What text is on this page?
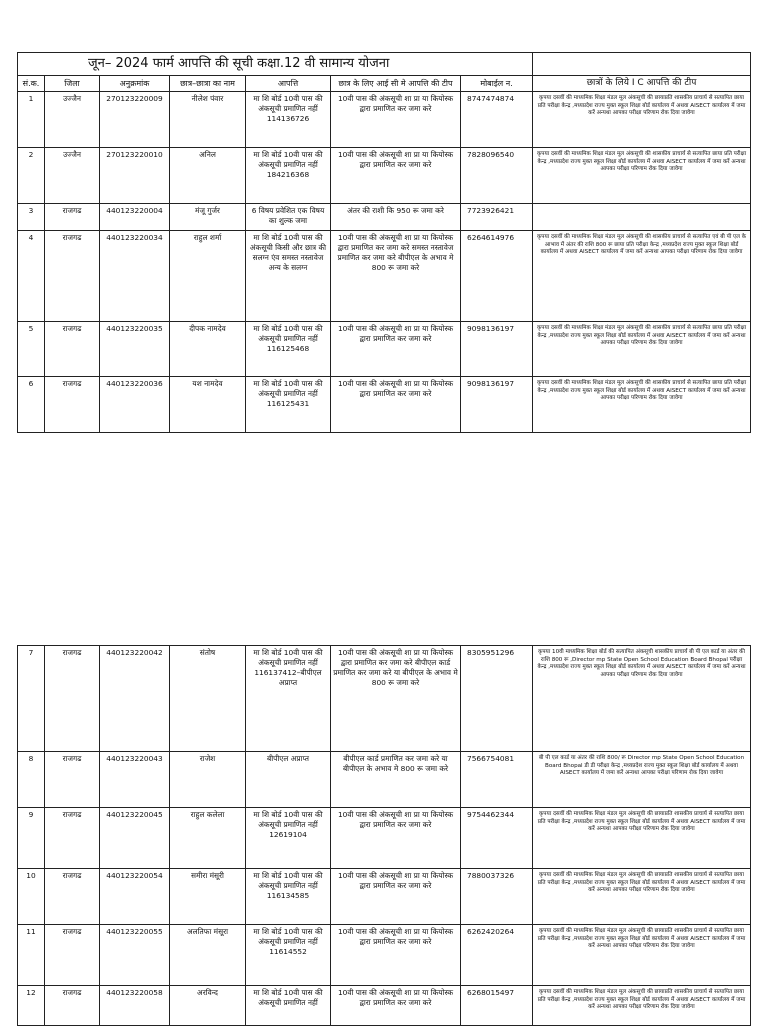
जून– 2024 फार्म आपत्ति की सूची कक्षा.12 वी सामान्य योजना							
सं.क.	जिला	अनुक्रमांक	छात्र–छात्रा का नाम	आपत्ति	छात्र के लिए आई सी मे आपत्ति की टीप	मोबाईल न.	छात्रों के लिये I C आपत्ति की टीप
1	उज्जैन	270123220009	नीलेश पंवार	मा शि बोर्ड 10वी पास की अंकसूची प्रमाणित नहीं 114136726	10वी पास की अंकसूची शा प्रा या कियोस्क द्वारा प्रमाणित कर जमा करे	8747474874	कृपया दसवीं की माध्यमिक शिक्षा मंडल मूल अंकसूची की छायाप्रति शासकीय प्राचार्य से सत्यापित छाया प्रति परीक्षा केन्द्र ,मध्यप्रदेश राज्य मुक्त स्कूल शिक्षा बोर्ड कार्यालय में अथवा AISECT कार्यालय में जमा करें अन्यथा आपका परीक्षा परिणाम रोक दिया जावेगा
2	उज्जैन	270123220010	अनिल	मा शि बोर्ड 10वी पास की अंकसूची प्रमाणित नहीं 184216368	10वी पास की अंकसूची शा प्रा या कियोस्क द्वारा प्रमाणित कर जमा करे	7828096540	कृपया दसवीं की माध्यमिक शिक्षा मंडल मूल अंकसूची की शासकीय प्राचार्य से सत्यापित छाया प्रति परीक्षा केन्द्र ,मध्यप्रदेश राज्य मुक्त स्कूल शिक्षा बोर्ड कार्यालय में अथवा AISECT कार्यालय में जमा करें अन्यथा आपका परीक्षा परिणाम रोक दिया जावेगा
3	राजगढ	440123220004	मंजू गुर्जर	6 विषय प्रवेशित एक विषय का शुल्क जमा	अंतर की राशी कि 950 रू जमा करे	7723926421	
4	राजगढ	440123220034	राहुल शर्मा	मा शि बोर्ड 10वी पास की अंकसूची किसी और छात्र की सलग्न एंव समस्त नस्तावेज अन्य के सलग्न	10वी पास की अंकसूची शा प्रा या कियोस्क द्वारा प्रमाणित कर जमा करे समस्त नस्तावेज प्रमाणित कर जमा करे बीपीएल के अभाव मे 800 रू जमा करे	6264614976	कृपया दसवीं की माध्यमिक शिक्षा मंडल मूल अंकसूची की शासकीय प्राचार्य से सत्यापित एवं बी पी एल के आभाव में अंतर की राशि 800 रू छाया प्रति परीक्षा केन्द्र ,मध्यप्रदेश राज्य मुक्त स्कूल शिक्षा बोर्ड कार्यालय में अथवा AISECT कार्यालय में जमा करें अन्यथा आपका परीक्षा परिणाम रोक दिया जावेगा
5	राजगढ	440123220035	दीपक नामदेव	मा शि बोर्ड 10वी पास की अंकसूची प्रमाणित नहीं 116125468	10वी पास की अंकसूची शा प्रा या कियोस्क द्वारा प्रमाणित कर जमा करे	9098136197	कृपया दसवीं की माध्यमिक शिक्षा मंडल मूल अंकसूची की शासकीय प्राचार्य से सत्यापित छाया प्रति परीक्षा केन्द्र ,मध्यप्रदेश राज्य मुक्त स्कूल शिक्षा बोर्ड कार्यालय में अथवा AISECT कार्यालय में जमा करें अन्यथा आपका परीक्षा परिणाम रोक दिया जावेगा
6	राजगढ	440123220036	यश नामदेव	मा शि बोर्ड 10वी पास की अंकसूची प्रमाणित नहीं 116125431	10वी पास की अंकसूची शा प्रा या कियोस्क द्वारा प्रमाणित कर जमा करे	9098136197	कृपया दसवीं की माध्यमिक शिक्षा मंडल मूल अंकसूची की शासकीय प्राचार्य से सत्यापित छाया प्रति परीक्षा केन्द्र ,मध्यप्रदेश राज्य मुक्त स्कूल शिक्षा बोर्ड कार्यालय में अथवा AISECT कार्यालय में जमा करें अन्यथा आपका परीक्षा परिणाम रोक दिया जावेगा
7	राजगढ	440123220042	संतोष	मा शि बोर्ड 10वी पास की अंकसूची प्रमाणित नहीं 116137412–बीपीएल अप्राप्त	10वी पास की अंकसूची शा प्रा या कियोस्क द्वारा प्रमाणित कर जमा करे बीपीएल कार्ड प्रमाणित कर जमा करे या बीपीएल के अभाव मे 800 रू जमा करे	8305951296	कृपया 10वी माध्यमिक शिक्षा बोर्ड की सत्यापित अंकसूची शासकीय प्राचार्य बी पी एल कार्ड या अंतर की राशि 800 रू ,Director mp State Open School Education Board Bhopal परीक्षा केन्द्र ,मध्यप्रदेश राज्य मुक्त स्कूल शिक्षा बोर्ड कार्यालय में अथवा AISECT कार्यालय में जमा करें अन्यथा आपका परीक्षा परिणाम रोक दिया जावेगा
8	राजगढ	440123220043	राजेश	बीपीएल अप्राप्त	बीपीएल कार्ड प्रमाणित कर जमा करे या बीपीएल के अभाव मे 800 रू जमा करे	7566754081	बी पी एल कार्ड या अंतर की राशि 800/ रू Director mp State Open School Education Board Bhopal डी डी परीक्षा केन्द्र ,मध्यप्रदेश राज्य मुक्त स्कूल शिक्षा बोर्ड कार्यालय में अथवा AISECT कार्यालय में जमा करें अन्यथा आपका परीक्षा परिणाम रोक दिया जावेगा
9	राजगढ	440123220045	राहुल कलेला	मा शि बोर्ड 10वी पास की अंकसूची प्रमाणित नहीं 12619104	10वी पास की अंकसूची शा प्रा या कियोस्क द्वारा प्रमाणित कर जमा करे	9754462344	कृपया दसवीं की माध्यमिक शिक्षा मंडल मूल अंकसूची की छायाप्रति शासकीय प्राचार्य से सत्यापित छाया प्रति परीक्षा केन्द्र ,मध्यप्रदेश राज्य मुक्त स्कूल शिक्षा बोर्ड कार्यालय में अथवा AISECT कार्यालय में जमा करें अन्यथा आपका परीक्षा परिणाम रोक दिया जावेगा
10	राजगढ	440123220054	समीरा मंसूरी	मा शि बोर्ड 10वी पास की अंकसूची प्रमाणित नहीं 116134585	10वी पास की अंकसूची शा प्रा या कियोस्क द्वारा प्रमाणित कर जमा करे	7880037326	कृपया दसवीं की माध्यमिक शिक्षा मंडल मूल अंकसूची की छायाप्रति शासकीय प्राचार्य से सत्यापित छाया प्रति परीक्षा केन्द्र ,मध्यप्रदेश राज्य मुक्त स्कूल शिक्षा बोर्ड कार्यालय में अथवा AISECT कार्यालय में जमा करें अन्यथा आपका परीक्षा परिणाम रोक दिया जावेगा
11	राजगढ	440123220055	अलतिफा मंसूरा	मा शि बोर्ड 10वी पास की अंकसूची प्रमाणित नहीं 11614552	10वी पास की अंकसूची शा प्रा या कियोस्क द्वारा प्रमाणित कर जमा करे	6262420264	कृपया दसवीं की माध्यमिक शिक्षा मंडल मूल अंकसूची की छायाप्रति शासकीय प्राचार्य से सत्यापित छाया प्रति परीक्षा केन्द्र ,मध्यप्रदेश राज्य मुक्त स्कूल शिक्षा बोर्ड कार्यालय में अथवा AISECT कार्यालय में जमा करें अन्यथा आपका परीक्षा परिणाम रोक दिया जावेगा
12	राजगढ	440123220058	अरविन्द	मा शि बोर्ड 10वी पास की अंकसूची प्रमाणित नहीं	10वी पास की अंकसूची शा प्रा या कियोस्क द्वारा प्रमाणित कर जमा करे	6268015497	कृपया दसवीं की माध्यमिक शिक्षा मंडल मूल अंकसूची की छायाप्रति शासकीय प्राचार्य से सत्यापित छाया प्रति परीक्षा केन्द्र ,मध्यप्रदेश राज्य मुक्त स्कूल शिक्षा बोर्ड कार्यालय में अथवा AISECT कार्यालय में जमा करें अन्यथा आपका परीक्षा परिणाम रोक दिया जावेगा
